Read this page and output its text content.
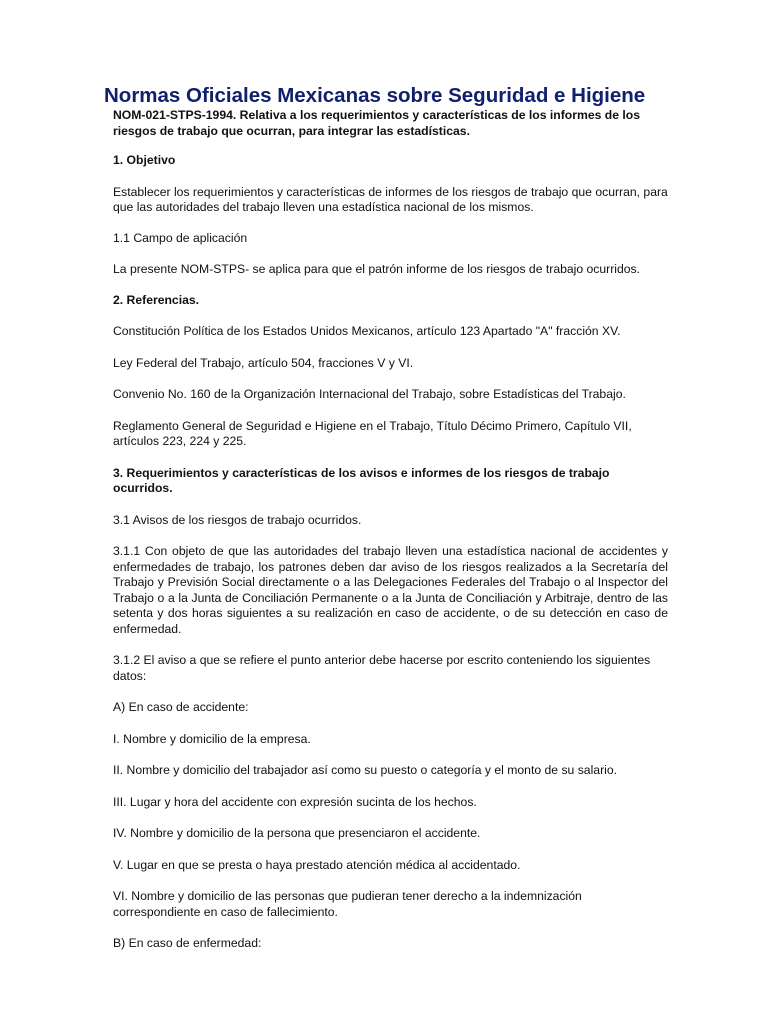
Normas Oficiales Mexicanas sobre Seguridad e Higiene

NOM-021-STPS-1994. Relativa a los requerimientos y características de los informes de los riesgos de trabajo que ocurran, para integrar las estadísticas.

1. Objetivo

Establecer los requerimientos y características de informes de los riesgos de trabajo que ocurran, para que las autoridades del trabajo lleven una estadística nacional de los mismos.

1.1 Campo de aplicación

La presente NOM-STPS- se aplica para que el patrón informe de los riesgos de trabajo ocurridos.

2. Referencias.

Constitución Política de los Estados Unidos Mexicanos, artículo 123 Apartado "A" fracción XV.

Ley Federal del Trabajo, artículo 504, fracciones V y VI.

Convenio No. 160 de la Organización Internacional del Trabajo, sobre Estadísticas del Trabajo.

Reglamento General de Seguridad e Higiene en el Trabajo, Título Décimo Primero, Capítulo VII, artículos 223, 224 y 225.

3. Requerimientos y características de los avisos e informes de los riesgos de trabajo ocurridos.

3.1 Avisos de los riesgos de trabajo ocurridos.

3.1.1 Con objeto de que las autoridades del trabajo lleven una estadística nacional de accidentes y enfermedades de trabajo, los patrones deben dar aviso de los riesgos realizados a la Secretaría del Trabajo y Previsión Social directamente o a las Delegaciones Federales del Trabajo o al Inspector del Trabajo o a la Junta de Conciliación Permanente o a la Junta de Conciliación y Arbitraje, dentro de las setenta y dos horas siguientes a su realización en caso de accidente, o de su detección en caso de enfermedad.

3.1.2 El aviso a que se refiere el punto anterior debe hacerse por escrito conteniendo los siguientes datos:

A) En caso de accidente:

I. Nombre y domicilio de la empresa.

II. Nombre y domicilio del trabajador así como su puesto o categoría y el monto de su salario.

III. Lugar y hora del accidente con expresión sucinta de los hechos.

IV. Nombre y domicilio de la persona que presenciaron el accidente.

V. Lugar en que se presta o haya prestado atención médica al accidentado.

VI. Nombre y domicilio de las personas que pudieran tener derecho a la indemnización correspondiente en caso de fallecimiento.

B) En caso de enfermedad:
